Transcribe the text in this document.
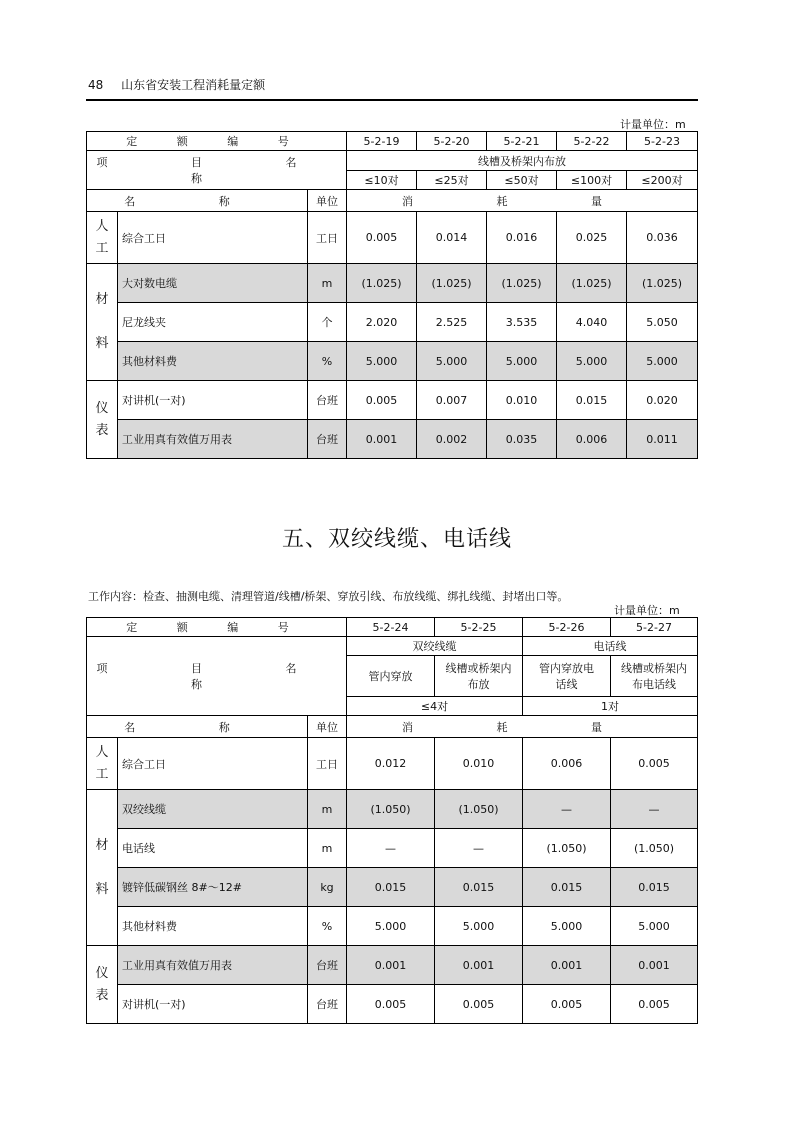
48 山东省安装工程消耗量定额
计量单位：m
定 额 编 号			5-2-19	5-2-20	5-2-21	5-2-22	5-2-23
项 目 名 称			线槽及桥架内布放				
			≤10对	≤25对	≤50对	≤100对	≤200对
名 称		单位	消 耗 量				
人
工	综合工日	工日	0.005	0.014	0.016	0.025	0.036
材

料	大对数电缆	m	(1.025)	(1.025)	(1.025)	(1.025)	(1.025)
	尼龙线夹	个	2.020	2.525	3.535	4.040	5.050
	其他材料费	%	5.000	5.000	5.000	5.000	5.000
仪
表	对讲机(一对)	台班	0.005	0.007	0.010	0.015	0.020
	工业用真有效值万用表	台班	0.001	0.002	0.035	0.006	0.011
五、双绞线缆、电话线
工作内容：检查、抽测电缆、清理管道/线槽/桥架、穿放引线、布放线缆、绑扎线缆、封堵出口等。
计量单位：m
定 额 编 号			5-2-24	5-2-25	5-2-26	5-2-27
项 目 名 称			双绞线缆		电话线	
			管内穿放	线槽或桥架内布放	管内穿放电话线	线槽或桥架内布电话线
			≤4对		1对	
名 称		单位	消 耗 量			
人
工	综合工日	工日	0.012	0.010	0.006	0.005
材

料	双绞线缆	m	(1.050)	(1.050)	—	—
	电话线	m	—	—	(1.050)	(1.050)
	镀锌低碳钢丝 8#～12#	kg	0.015	0.015	0.015	0.015
	其他材料费	%	5.000	5.000	5.000	5.000
仪
表	工业用真有效值万用表	台班	0.001	0.001	0.001	0.001
	对讲机(一对)	台班	0.005	0.005	0.005	0.005
